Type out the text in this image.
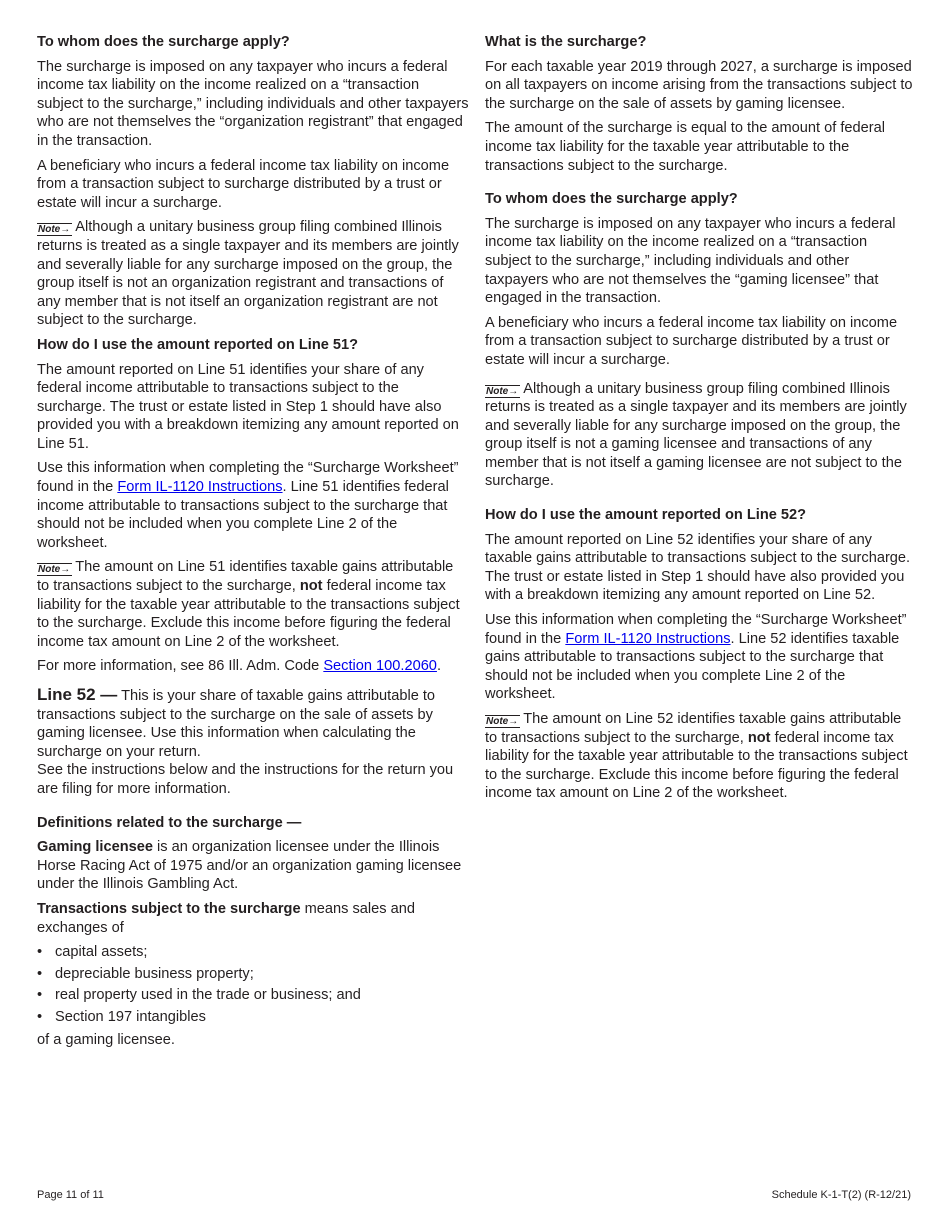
To whom does the surcharge apply?

The surcharge is imposed on any taxpayer who incurs a federal income tax liability on the income realized on a “transaction subject to the surcharge,” including individuals and other taxpayers who are not themselves the “organization registrant” that engaged in the transaction.

A beneficiary who incurs a federal income tax liability on income from a transaction subject to surcharge distributed by a trust or estate will incur a surcharge.

Note→ Although a unitary business group filing combined Illinois returns is treated as a single taxpayer and its members are jointly and severally liable for any surcharge imposed on the group, the group itself is not an organization registrant and transactions of any member that is not itself an organization registrant are not subject to the surcharge.

How do I use the amount reported on Line 51?

The amount reported on Line 51 identifies your share of any federal income attributable to transactions subject to the surcharge. The trust or estate listed in Step 1 should have also provided you with a breakdown itemizing any amount reported on Line 51.

Use this information when completing the “Surcharge Worksheet” found in the Form IL-1120 Instructions. Line 51 identifies federal income attributable to transactions subject to the surcharge that should not be included when you complete Line 2 of the worksheet.

Note→ The amount on Line 51 identifies taxable gains attributable to transactions subject to the surcharge, not federal income tax liability for the taxable year attributable to the transactions subject to the surcharge. Exclude this income before figuring the federal income tax amount on Line 2 of the worksheet.

For more information, see 86 Ill. Adm. Code Section 100.2060.

Line 52 — This is your share of taxable gains attributable to transactions subject to the surcharge on the sale of assets by gaming licensee. Use this information when calculating the surcharge on your return.

See the instructions below and the instructions for the return you are filing for more information.

Definitions related to the surcharge —

Gaming licensee is an organization licensee under the Illinois Horse Racing Act of 1975 and/or an organization gaming licensee under the Illinois Gambling Act.

Transactions subject to the surcharge means sales and exchanges of

• capital assets;
• depreciable business property;
• real property used in the trade or business; and
• Section 197 intangibles

of a gaming licensee.

What is the surcharge?

For each taxable year 2019 through 2027, a surcharge is imposed on all taxpayers on income arising from the transactions subject to the surcharge on the sale of assets by gaming licensee.

The amount of the surcharge is equal to the amount of federal income tax liability for the taxable year attributable to the transactions subject to the surcharge.

To whom does the surcharge apply?

The surcharge is imposed on any taxpayer who incurs a federal income tax liability on the income realized on a “transaction subject to the surcharge,” including individuals and other taxpayers who are not themselves the “gaming licensee” that engaged in the transaction.

A beneficiary who incurs a federal income tax liability on income from a transaction subject to surcharge distributed by a trust or estate will incur a surcharge.

Note→ Although a unitary business group filing combined Illinois returns is treated as a single taxpayer and its members are jointly and severally liable for any surcharge imposed on the group, the group itself is not a gaming licensee and transactions of any member that is not itself a gaming licensee are not subject to the surcharge.

How do I use the amount reported on Line 52?

The amount reported on Line 52 identifies your share of any taxable gains attributable to transactions subject to the surcharge. The trust or estate listed in Step 1 should have also provided you with a breakdown itemizing any amount reported on Line 52.

Use this information when completing the “Surcharge Worksheet” found in the Form IL-1120 Instructions. Line 52 identifies taxable gains attributable to transactions subject to the surcharge that should not be included when you complete Line 2 of the worksheet.

Note→ The amount on Line 52 identifies taxable gains attributable to transactions subject to the surcharge, not federal income tax liability for the taxable year attributable to the transactions subject to the surcharge. Exclude this income before figuring the federal income tax amount on Line 2 of the worksheet.

Page 11 of 11	Schedule K-1-T(2) (R-12/21)
